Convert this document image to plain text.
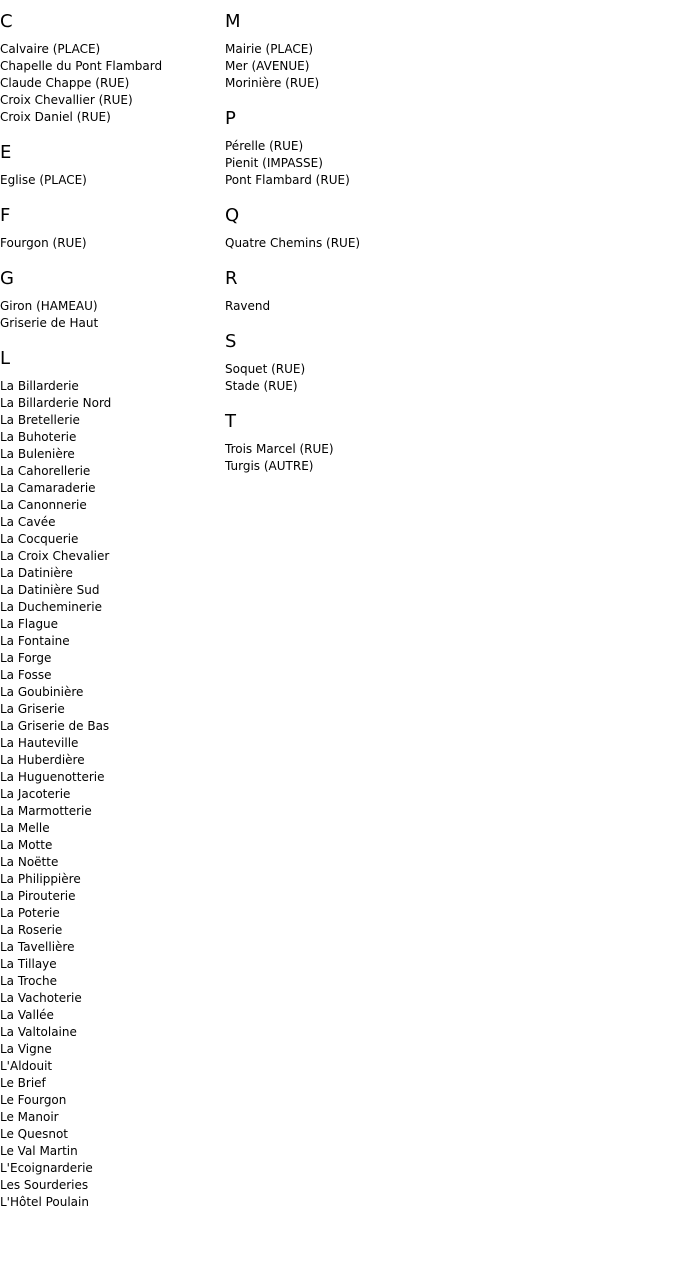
C
Calvaire (PLACE)
Chapelle du Pont Flambard
Claude Chappe (RUE)
Croix Chevallier (RUE)
Croix Daniel (RUE)
E
Eglise (PLACE)
F
Fourgon (RUE)
G
Giron (HAMEAU)
Griserie de Haut
L
La Billarderie
La Billarderie Nord
La Bretellerie
La Buhoterie
La Bulenière
La Cahorellerie
La Camaraderie
La Canonnerie
La Cavée
La Cocquerie
La Croix Chevalier
La Datinière
La Datinière Sud
La Ducheminerie
La Flague
La Fontaine
La Forge
La Fosse
La Goubinière
La Griserie
La Griserie de Bas
La Hauteville
La Huberdière
La Huguenotterie
La Jacoterie
La Marmotterie
La Melle
La Motte
La Noëtte
La Philippière
La Pirouterie
La Poterie
La Roserie
La Tavellière
La Tillaye
La Troche
La Vachoterie
La Vallée
La Valtolaine
La Vigne
L'Aldouit
Le Brief
Le Fourgon
Le Manoir
Le Quesnot
Le Val Martin
L'Ecoignarderie
Les Sourderies
L'Hôtel Poulain
M
Mairie (PLACE)
Mer (AVENUE)
Morinière (RUE)
P
Pérelle (RUE)
Pienit (IMPASSE)
Pont Flambard (RUE)
Q
Quatre Chemins (RUE)
R
Ravend
S
Soquet (RUE)
Stade (RUE)
T
Trois Marcel (RUE)
Turgis (AUTRE)
